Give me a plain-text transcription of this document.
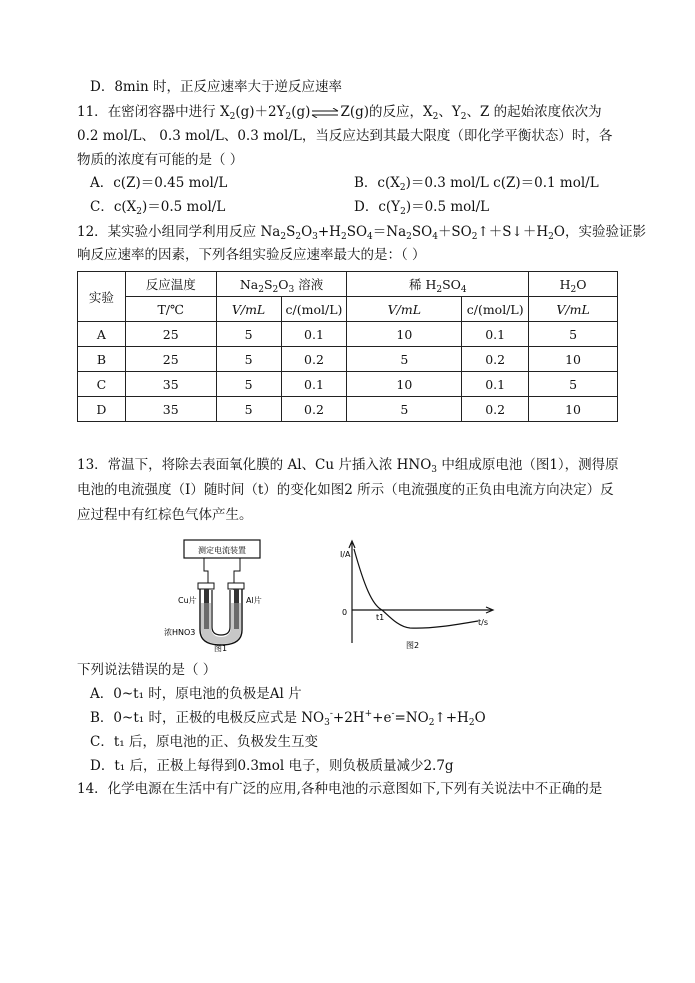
D．8min 时，正反应速率大于逆反应速率
11．在密闭容器中进行 $X_2(g)+2Y_2(g)\rightleftharpoons Z(g)$的反应，$X_2$、$Y_2$、Z 的起始浓度依次为
0.2 mol/L、 0.3 mol/L、0.3 mol/L，当反应达到其最大限度（即化学平衡状态）时，各
物质的浓度有可能的是（ ）
A．c(Z)＝0.45 mol/L	B．$c(X_2)=0.3$ mol/L c(Z)＝0.1 mol/L
C．$c(X_2)=0.5$ mol/L	D．$c(Y_2)=0.5$ mol/L
12．某实验小组同学利用反应 $Na_2S_2O_3+H_2SO_4=Na_2SO_4+SO_2↑+S↓+H_2O$，实验验证影
响反应速率的因素，下列各组实验反应速率最大的是：（ ）
实验	反应温度	$Na_2S_2O_3$ 溶液		稀 $H_2SO_4$		$H_2O$
	T/℃	V/mL	c/(mol/L)	V/mL	c/(mol/L)	V/mL
A	25	5	0.1	10	0.1	5
B	25	5	0.2	5	0.2	10
C	35	5	0.1	10	0.1	5
D	35	5	0.2	5	0.2	10
13．常温下，将除去表面氧化膜的 Al、Cu 片插入浓 $HNO_3$ 中组成原电池（图1），测得原
电池的电流强度（I）随时间（t）的变化如图2 所示（电流强度的正负由电流方向决定）反
应过程中有红棕色气体产生。
测定电流装置
Cu片	Al片
浓HNO3
图1
I/A
0
t/s
t1
图2
下列说法错误的是（ ）
A．0~t₁ 时，原电池的负极是Al 片
B．0~t₁ 时，正极的电极反应式是 $NO_3^-+2H^++e^-=NO_2↑+H_2O$
C．t₁ 后，原电池的正、负极发生互变
D．t₁ 后，正极上每得到0.3mol 电子，则负极质量减少2.7g
14．化学电源在生活中有广泛的应用,各种电池的示意图如下,下列有关说法中不正确的是
